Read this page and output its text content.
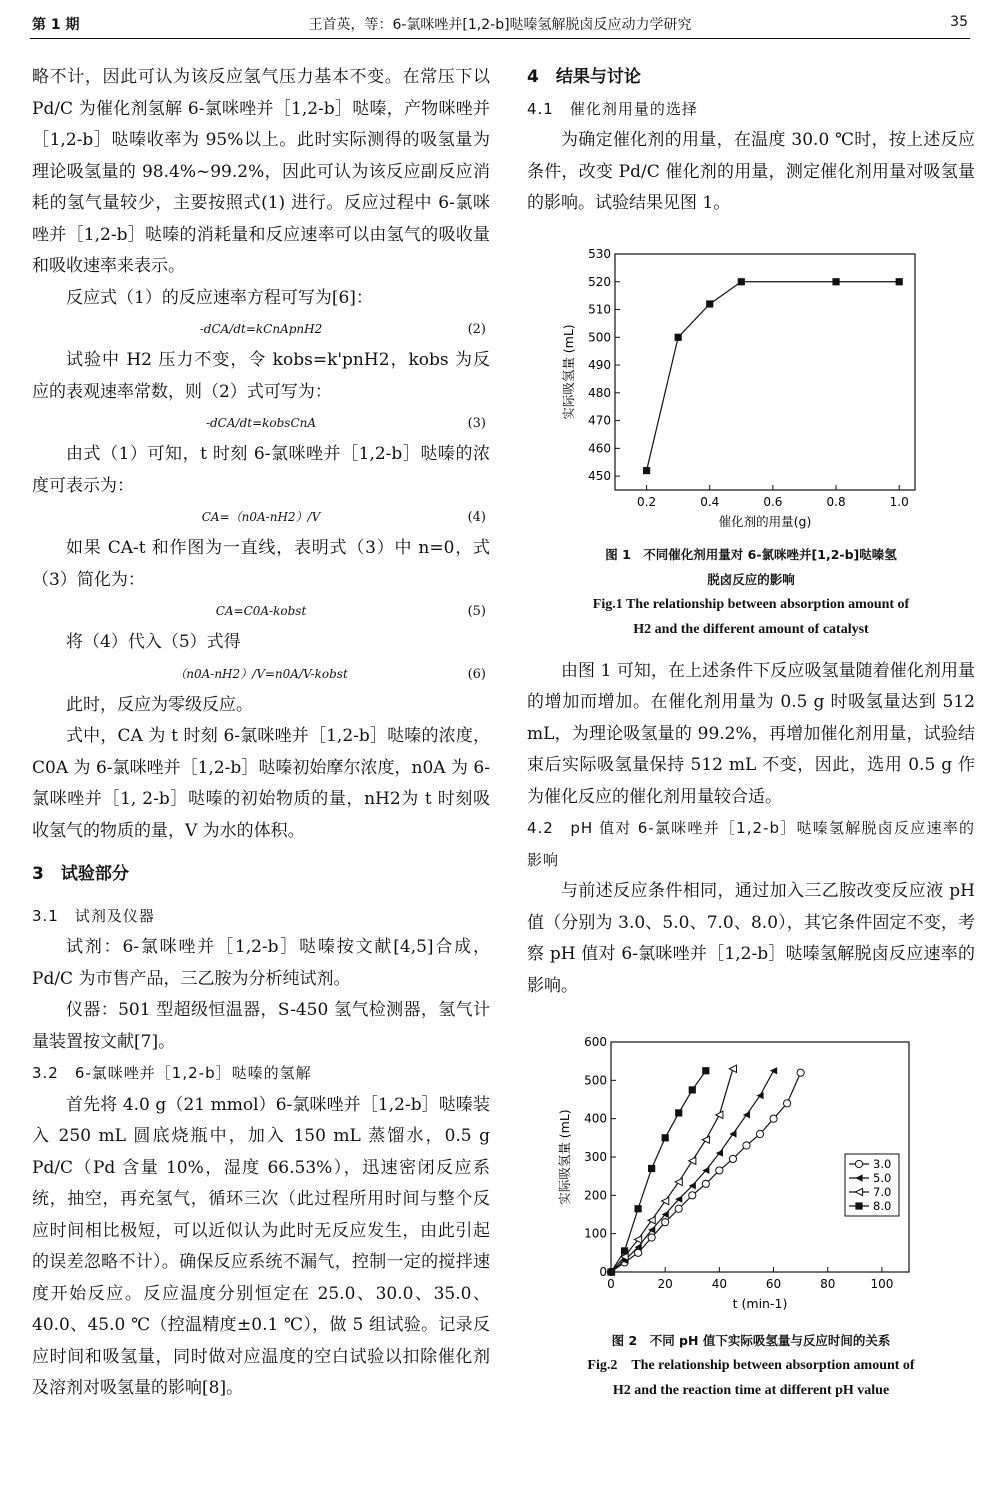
第 1 期	王首英，等：6-氯咪唑并[1,2-b]哒嗪氢解脱卤反应动力学研究	35

略不计，因此可认为该反应氢气压力基本不变。在常压下以 Pd/C 为催化剂氢解 6-氯咪唑并［1,2-b］哒嗪，产物咪唑并［1,2-b］哒嗪收率为 95%以上。此时实际测得的吸氢量为理论吸氢量的 98.4%~99.2%，因此可认为该反应副反应消耗的氢气量较少，主要按照式(1) 进行。反应过程中 6-氯咪唑并［1,2-b］哒嗪的消耗量和反应速率可以由氢气的吸收量和吸收速率来表示。

反应式（1）的反应速率方程可写为[6]：

-dCA/dt=kCnApnH2	(2)

试验中 H2 压力不变，令 kobs=k'pnH2，kobs 为反应的表观速率常数，则（2）式可写为：

-dCA/dt=kobsCnA	(3)

由式（1）可知，t 时刻 6-氯咪唑并［1,2-b］哒嗪的浓度可表示为：

CA=（n0A-nH2）/V	(4)

如果 CA-t 和作图为一直线，表明式（3）中 n=0，式（3）简化为：

CA=C0A-kobst	(5)

将（4）代入（5）式得

（n0A-nH2）/V=n0A/V-kobst	(6)

此时，反应为零级反应。

式中，CA 为 t 时刻 6-氯咪唑并［1,2-b］哒嗪的浓度，C0A 为 6-氯咪唑并［1,2-b］哒嗪初始摩尔浓度，n0A 为 6-氯咪唑并［1, 2-b］哒嗪的初始物质的量，nH2为 t 时刻吸收氢气的物质的量，V 为水的体积。

3　试验部分

3.1　试剂及仪器

试剂：6-氯咪唑并［1,2-b］哒嗪按文献[4,5]合成，Pd/C 为市售产品，三乙胺为分析纯试剂。

仪器：501 型超级恒温器，S-450 氢气检测器，氢气计量装置按文献[7]。

3.2　6-氯咪唑并［1,2-b］哒嗪的氢解

首先将 4.0 g（21 mmol）6-氯咪唑并［1,2-b］哒嗪装入 250 mL 圆底烧瓶中，加入 150 mL 蒸馏水，0.5 g Pd/C（Pd 含量 10%，湿度 66.53%），迅速密闭反应系统，抽空，再充氢气，循环三次（此过程所用时间与整个反应时间相比极短，可以近似认为此时无反应发生，由此引起的误差忽略不计）。确保反应系统不漏气，控制一定的搅拌速度开始反应。反应温度分别恒定在 25.0、30.0、35.0、40.0、45.0 ℃（控温精度±0.1 ℃），做 5 组试验。记录反应时间和吸氢量，同时做对应温度的空白试验以扣除催化剂及溶剂对吸氢量的影响[8]。

4　结果与讨论

4.1　催化剂用量的选择

为确定催化剂的用量，在温度 30.0 ℃时，按上述反应条件，改变 Pd/C 催化剂的用量，测定催化剂用量对吸氢量的影响。试验结果见图 1。

0.2	0.4	0.6	0.8	1.0
450
460
470
480
490
500
510
520
530
催化剂的用量(g)
实际吸氢量 (mL)
图 1　不同催化剂用量对 6-氯咪唑并[1,2-b]哒嗪氢
脱卤反应的影响
Fig.1 The relationship between absorption amount of
H2 and the different amount of catalyst

由图 1 可知，在上述条件下反应吸氢量随着催化剂用量的增加而增加。在催化剂用量为 0.5 g 时吸氢量达到 512 mL，为理论吸氢量的 99.2%，再增加催化剂用量，试验结束后实际吸氢量保持 512 mL 不变，因此，选用 0.5 g 作为催化反应的催化剂用量较合适。

4.2　pH 值对 6-氯咪唑并［1,2-b］哒嗪氢解脱卤反应速率的影响

与前述反应条件相同，通过加入三乙胺改变反应液 pH 值（分别为 3.0、5.0、7.0、8.0），其它条件固定不变，考察 pH 值对 6-氯咪唑并［1,2-b］哒嗪氢解脱卤反应速率的影响。

0	20	40	60	80	100
0
100
200
300
400
500
600
t (min-1)
实际吸氢量 (mL)	3.0
5.0
7.0
8.0
图 2　不同 pH 值下实际吸氢量与反应时间的关系
Fig.2　The relationship between absorption amount of
H2 and the reaction time at different pH value
